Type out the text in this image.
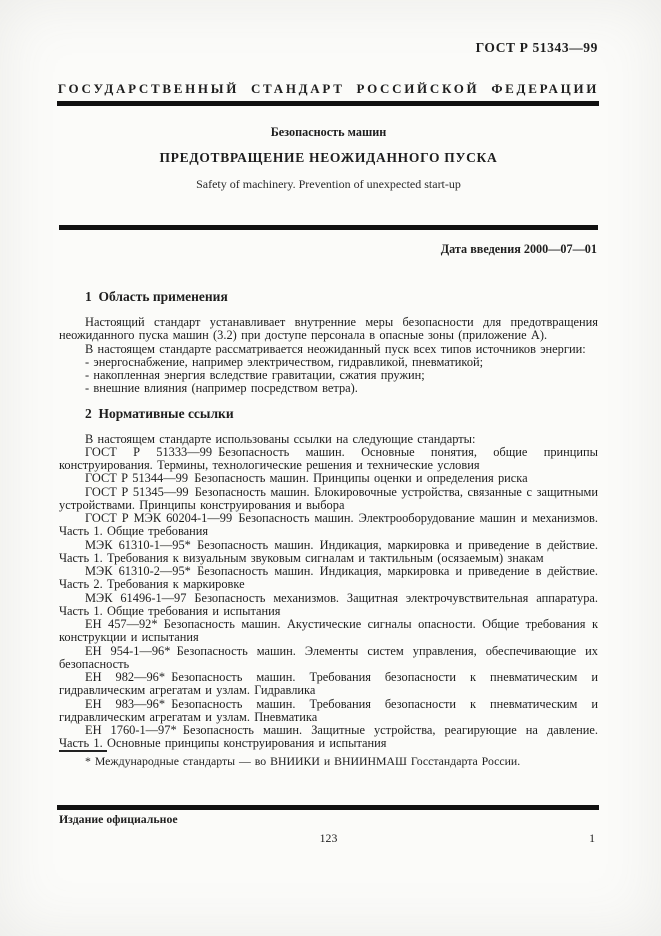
ГОСТ Р 51343—99
ГОСУДАРСТВЕННЫЙ СТАНДАРТ РОССИЙСКОЙ ФЕДЕРАЦИИ
Безопасность машин
ПРЕДОТВРАЩЕНИЕ НЕОЖИДАННОГО ПУСКА
Safety of machinery. Prevention of unexpected start-up
Дата введения 2000—07—01
1 Область применения

Настоящий стандарт устанавливает внутренние меры безопасности для предотвращения неожиданного пуска машин (3.2) при доступе персонала в опасные зоны (приложение А).

В настоящем стандарте рассматривается неожиданный пуск всех типов источников энергии:

- энергоснабжение, например электричеством, гидравликой, пневматикой;

- накопленная энергия вследствие гравитации, сжатия пружин;

- внешние влияния (например посредством ветра).

2 Нормативные ссылки

В настоящем стандарте использованы ссылки на следующие стандарты:

ГОСТ Р 51333—99 Безопасность машин. Основные понятия, общие принципы конструирования. Термины, технологические решения и технические условия

ГОСТ Р 51344—99 Безопасность машин. Принципы оценки и определения риска

ГОСТ Р 51345—99 Безопасность машин. Блокировочные устройства, связанные с защитными устройствами. Принципы конструирования и выбора

ГОСТ Р МЭК 60204-1—99 Безопасность машин. Электрооборудование машин и механизмов. Часть 1. Общие требования

МЭК 61310-1—95* Безопасность машин. Индикация, маркировка и приведение в действие. Часть 1. Требования к визуальным звуковым сигналам и тактильным (осязаемым) знакам

МЭК 61310-2—95* Безопасность машин. Индикация, маркировка и приведение в действие. Часть 2. Требования к маркировке

МЭК 61496-1—97 Безопасность механизмов. Защитная электрочувствительная аппаратура. Часть 1. Общие требования и испытания

ЕН 457—92* Безопасность машин. Акустические сигналы опасности. Общие требования к конструкции и испытания

ЕН 954-1—96* Безопасность машин. Элементы систем управления, обеспечивающие их безопасность

ЕН 982—96* Безопасность машин. Требования безопасности к пневматическим и гидравлическим агрегатам и узлам. Гидравлика

ЕН 983—96* Безопасность машин. Требования безопасности к пневматическим и гидравлическим агрегатам и узлам. Пневматика

ЕН 1760-1—97* Безопасность машин. Защитные устройства, реагирующие на давление. Часть 1. Основные принципы конструирования и испытания

* Международные стандарты — во ВНИИКИ и ВНИИНМАШ Госстандарта России.

Издание официальное
123	1
